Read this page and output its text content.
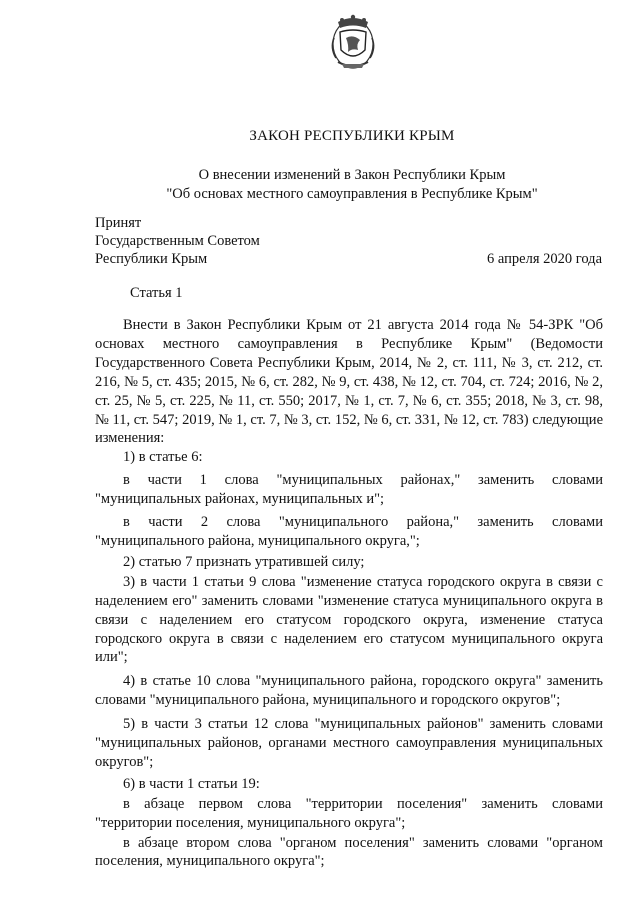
ЗАКОН РЕСПУБЛИКИ КРЫМ
О внесении изменений в Закон Республики Крым
"Об основах местного самоуправления в Республике Крым"
Принят
Государственным Советом
Республики Крым	6 апреля 2020 года
Статья 1

Внести в Закон Республики Крым от 21 августа 2014 года № 54-ЗРК "Об основах местного самоуправления в Республике Крым" (Ведомости Государственного Совета Республики Крым, 2014, № 2, ст. 111, № 3, ст. 212, ст. 216, № 5, ст. 435; 2015, № 6, ст. 282, № 9, ст. 438, № 12, ст. 704, ст. 724; 2016, № 2, ст. 25, № 5, ст. 225, № 11, ст. 550; 2017, № 1, ст. 7, № 6, ст. 355; 2018, № 3, ст. 98, № 11, ст. 547; 2019, № 1, ст. 7, № 3, ст. 152, № 6, ст. 331, № 12, ст. 783) следующие изменения:

1) в статье 6:

в части 1 слова "муниципальных районах," заменить словами "муниципальных районах, муниципальных и";

в части 2 слова "муниципального района," заменить словами "муниципального района, муниципального округа,";

2) статью 7 признать утратившей силу;

3) в части 1 статьи 9 слова "изменение статуса городского округа в связи с наделением его" заменить словами "изменение статуса муниципального округа в связи с наделением его статусом городского округа, изменение статуса городского округа в связи с наделением его статусом муниципального округа или";

4) в статье 10 слова "муниципального района, городского округа" заменить словами "муниципального района, муниципального и городского округов";

5) в части 3 статьи 12 слова "муниципальных районов" заменить словами "муниципальных районов, органами местного самоуправления муниципальных округов";

6) в части 1 статьи 19:

в абзаце первом слова "территории поселения" заменить словами "территории поселения, муниципального округа";

в абзаце втором слова "органом поселения" заменить словами "органом поселения, муниципального округа";
